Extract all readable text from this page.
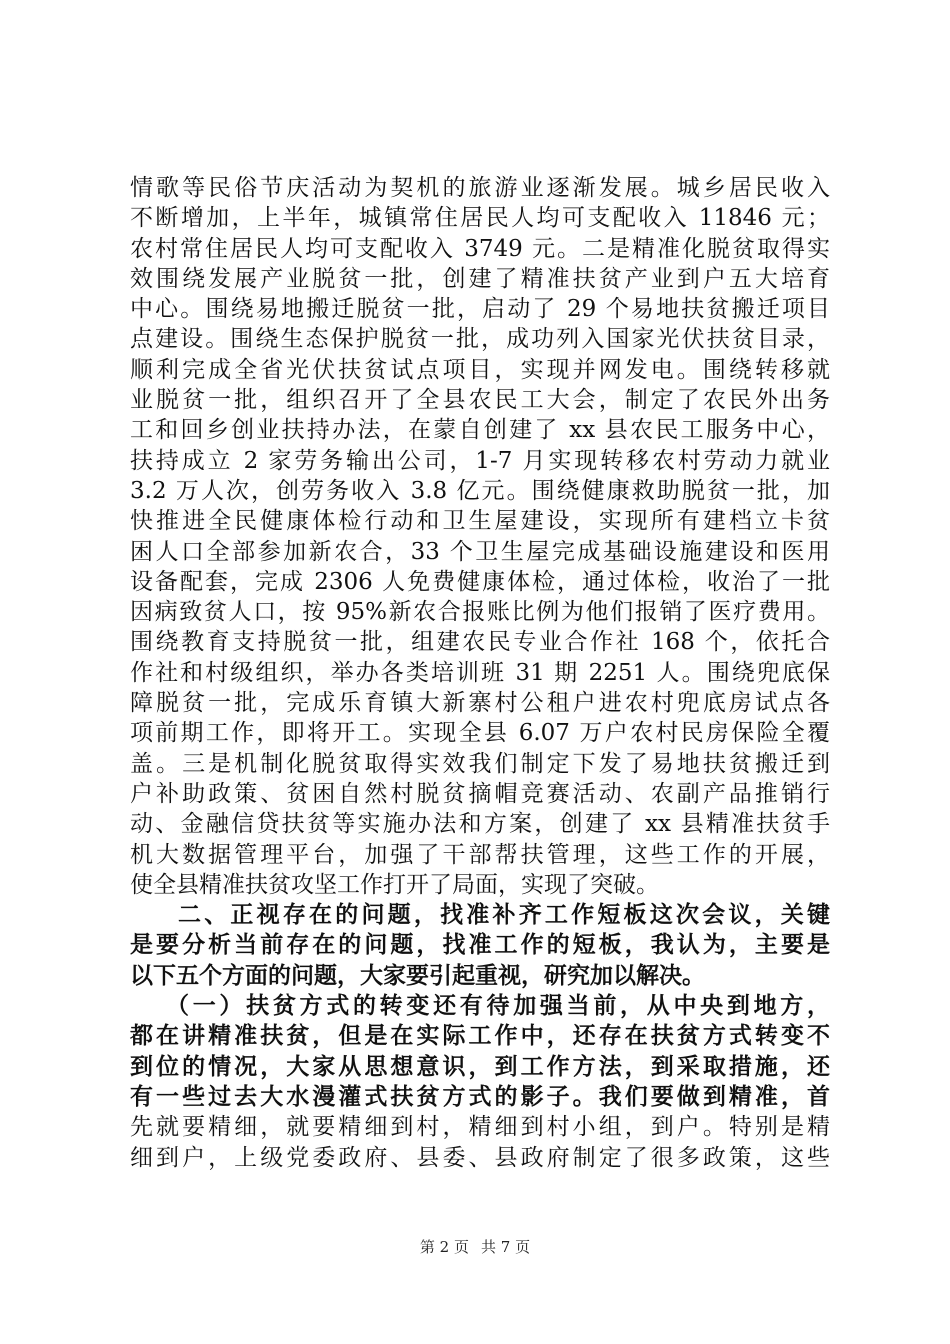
情歌等民俗节庆活动为契机的旅游业逐渐发展。城乡居民收入
不断增加，上半年，城镇常住居民人均可支配收入 11846 元；
农村常住居民人均可支配收入 3749 元。二是精准化脱贫取得实
效围绕发展产业脱贫一批，创建了精准扶贫产业到户五大培育
中心。围绕易地搬迁脱贫一批，启动了 29 个易地扶贫搬迁项目
点建设。围绕生态保护脱贫一批，成功列入国家光伏扶贫目录，
顺利完成全省光伏扶贫试点项目，实现并网发电。围绕转移就
业脱贫一批，组织召开了全县农民工大会，制定了农民外出务
工和回乡创业扶持办法，在蒙自创建了 xx 县农民工服务中心，
扶持成立 2 家劳务输出公司，1-7 月实现转移农村劳动力就业
3.2 万人次，创劳务收入 3.8 亿元。围绕健康救助脱贫一批，加
快推进全民健康体检行动和卫生屋建设，实现所有建档立卡贫
困人口全部参加新农合，33 个卫生屋完成基础设施建设和医用
设备配套，完成 2306 人免费健康体检，通过体检，收治了一批
因病致贫人口，按 95%新农合报账比例为他们报销了医疗费用。
围绕教育支持脱贫一批，组建农民专业合作社 168 个，依托合
作社和村级组织，举办各类培训班 31 期 2251 人。围绕兜底保
障脱贫一批，完成乐育镇大新寨村公租户进农村兜底房试点各
项前期工作，即将开工。实现全县 6.07 万户农村民房保险全覆
盖。三是机制化脱贫取得实效我们制定下发了易地扶贫搬迁到
户补助政策、贫困自然村脱贫摘帽竞赛活动、农副产品推销行
动、金融信贷扶贫等实施办法和方案，创建了 xx 县精准扶贫手
机大数据管理平台，加强了干部帮扶管理，这些工作的开展，
使全县精准扶贫攻坚工作打开了局面，实现了突破。
二、正视存在的问题，找准补齐工作短板这次会议，关键
是要分析当前存在的问题，找准工作的短板，我认为，主要是
以下五个方面的问题，大家要引起重视，研究加以解决。
（一）扶贫方式的转变还有待加强当前，从中央到地方，
都在讲精准扶贫，但是在实际工作中，还存在扶贫方式转变不
到位的情况，大家从思想意识，到工作方法，到采取措施，还
有一些过去大水漫灌式扶贫方式的影子。我们要做到精准，首
先就要精细，就要精细到村，精细到村小组，到户。特别是精
细到户，上级党委政府、县委、县政府制定了很多政策，这些
第 2 页 共 7 页
